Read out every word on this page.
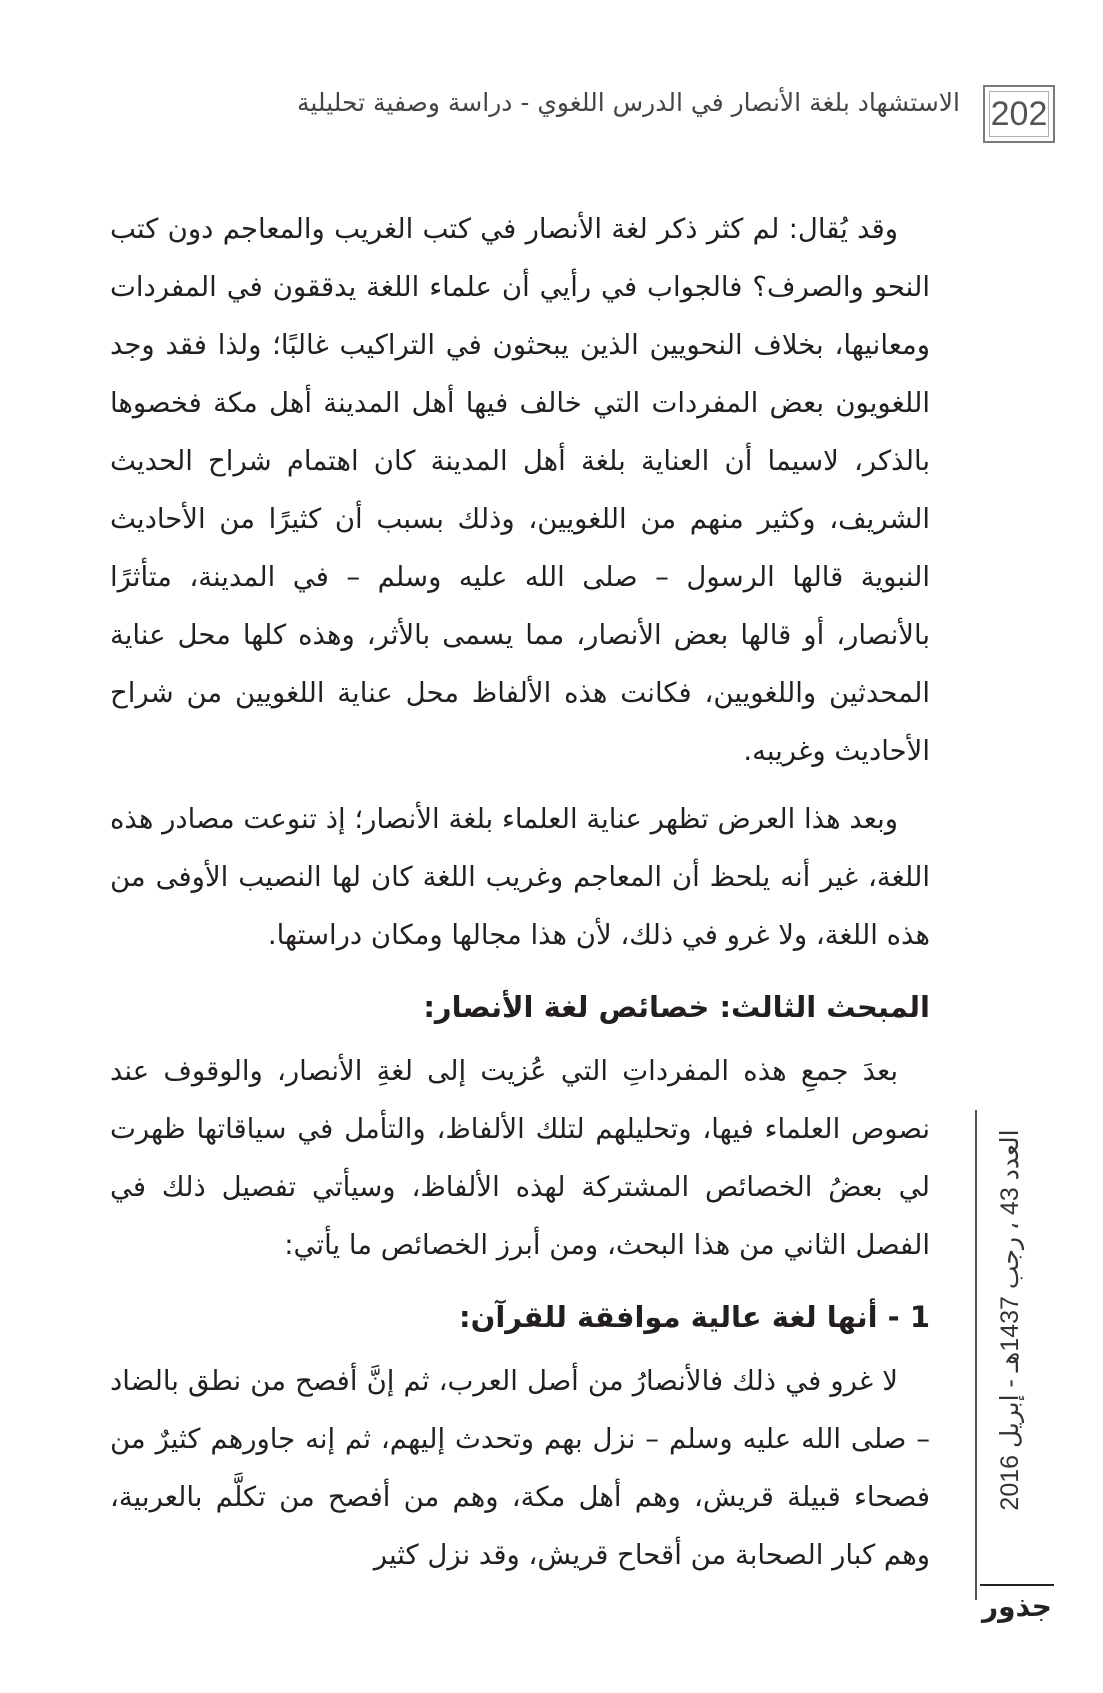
202
الاستشهاد بلغة الأنصار في الدرس اللغوي - دراسة وصفية تحليلية

وقد يُقال: لم كثر ذكر لغة الأنصار في كتب الغريب والمعاجم دون كتب النحو والصرف؟ فالجواب في رأيي أن علماء اللغة يدققون في المفردات ومعانيها، بخلاف النحويين الذين يبحثون في التراكيب غالبًا؛ ولذا فقد وجد اللغويون بعض المفردات التي خالف فيها أهل المدينة أهل مكة فخصوها بالذكر، لاسيما أن العناية بلغة أهل المدينة كان اهتمام شراح الحديث الشريف، وكثير منهم من اللغويين، وذلك بسبب أن كثيرًا من الأحاديث النبوية قالها الرسول – صلى الله عليه وسلم – في المدينة، متأثرًا بالأنصار، أو قالها بعض الأنصار، مما يسمى بالأثر، وهذه كلها محل عناية المحدثين واللغويين، فكانت هذه الألفاظ محل عناية اللغويين من شراح الأحاديث وغريبه.

وبعد هذا العرض تظهر عناية العلماء بلغة الأنصار؛ إذ تنوعت مصادر هذه اللغة، غير أنه يلحظ أن المعاجم وغريب اللغة كان لها النصيب الأوفى من هذه اللغة، ولا غرو في ذلك، لأن هذا مجالها ومكان دراستها.

المبحث الثالث: خصائص لغة الأنصار:

بعدَ جمعِ هذه المفرداتِ التي عُزيت إلى لغةِ الأنصار، والوقوف عند نصوص العلماء فيها، وتحليلهم لتلك الألفاظ، والتأمل في سياقاتها ظهرت لي بعضُ الخصائص المشتركة لهذه الألفاظ، وسيأتي تفصيل ذلك في الفصل الثاني من هذا البحث، ومن أبرز الخصائص ما يأتي:

1 - أنها لغة عالية موافقة للقرآن:

لا غرو في ذلك فالأنصارُ من أصل العرب، ثم إنَّ أفصح من نطق بالضاد – صلى الله عليه وسلم – نزل بهم وتحدث إليهم، ثم إنه جاورهم كثيرٌ من فصحاء قبيلة قريش، وهم أهل مكة، وهم من أفصح من تكلَّم بالعربية، وهم كبار الصحابة من أقحاح قريش، وقد نزل كثير

العدد 43 ، رجب 1437هـ - إبريل 2016
جذور
